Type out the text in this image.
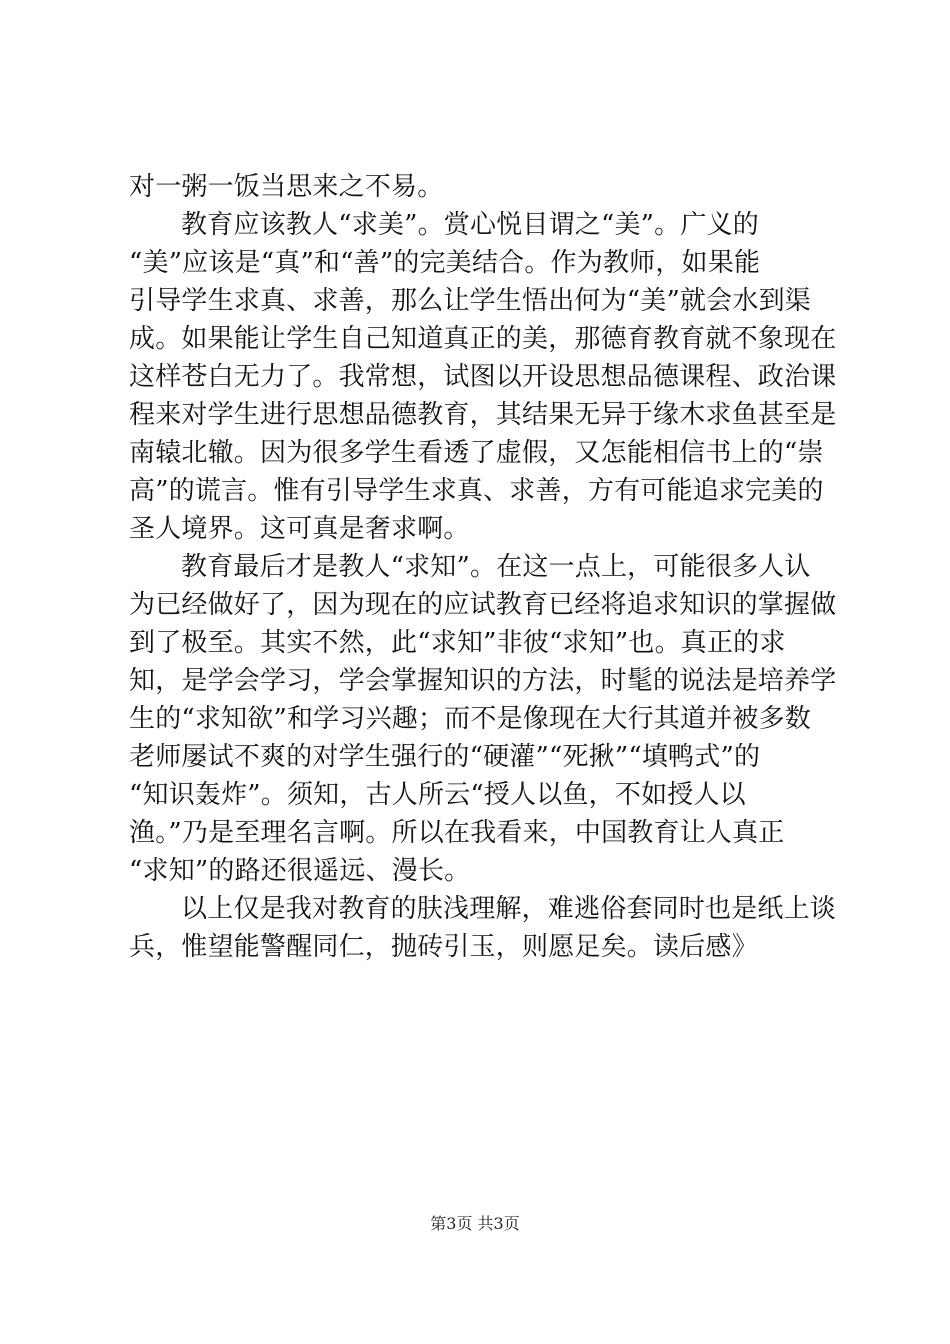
对一粥一饭当思来之不易。
教育应该教人“求美”。赏心悦目谓之“美”。广义的
“美”应该是“真”和“善”的完美结合。作为教师，如果能
引导学生求真、求善，那么让学生悟出何为“美”就会水到渠
成。如果能让学生自己知道真正的美，那德育教育就不象现在
这样苍白无力了。我常想，试图以开设思想品德课程、政治课
程来对学生进行思想品德教育，其结果无异于缘木求鱼甚至是
南辕北辙。因为很多学生看透了虚假，又怎能相信书上的“崇
高”的谎言。惟有引导学生求真、求善，方有可能追求完美的
圣人境界。这可真是奢求啊。
教育最后才是教人“求知”。在这一点上，可能很多人认
为已经做好了，因为现在的应试教育已经将追求知识的掌握做
到了极至。其实不然，此“求知”非彼“求知”也。真正的求
知，是学会学习，学会掌握知识的方法，时髦的说法是培养学
生的“求知欲”和学习兴趣；而不是像现在大行其道并被多数
老师屡试不爽的对学生强行的“硬灌”“死揪”“填鸭式”的
“知识轰炸”。须知，古人所云“授人以鱼，不如授人以
渔。”乃是至理名言啊。所以在我看来，中国教育让人真正
“求知”的路还很遥远、漫长。
以上仅是我对教育的肤浅理解，难逃俗套同时也是纸上谈
兵，惟望能警醒同仁，抛砖引玉，则愿足矣。读后感》
第3页 共3页
